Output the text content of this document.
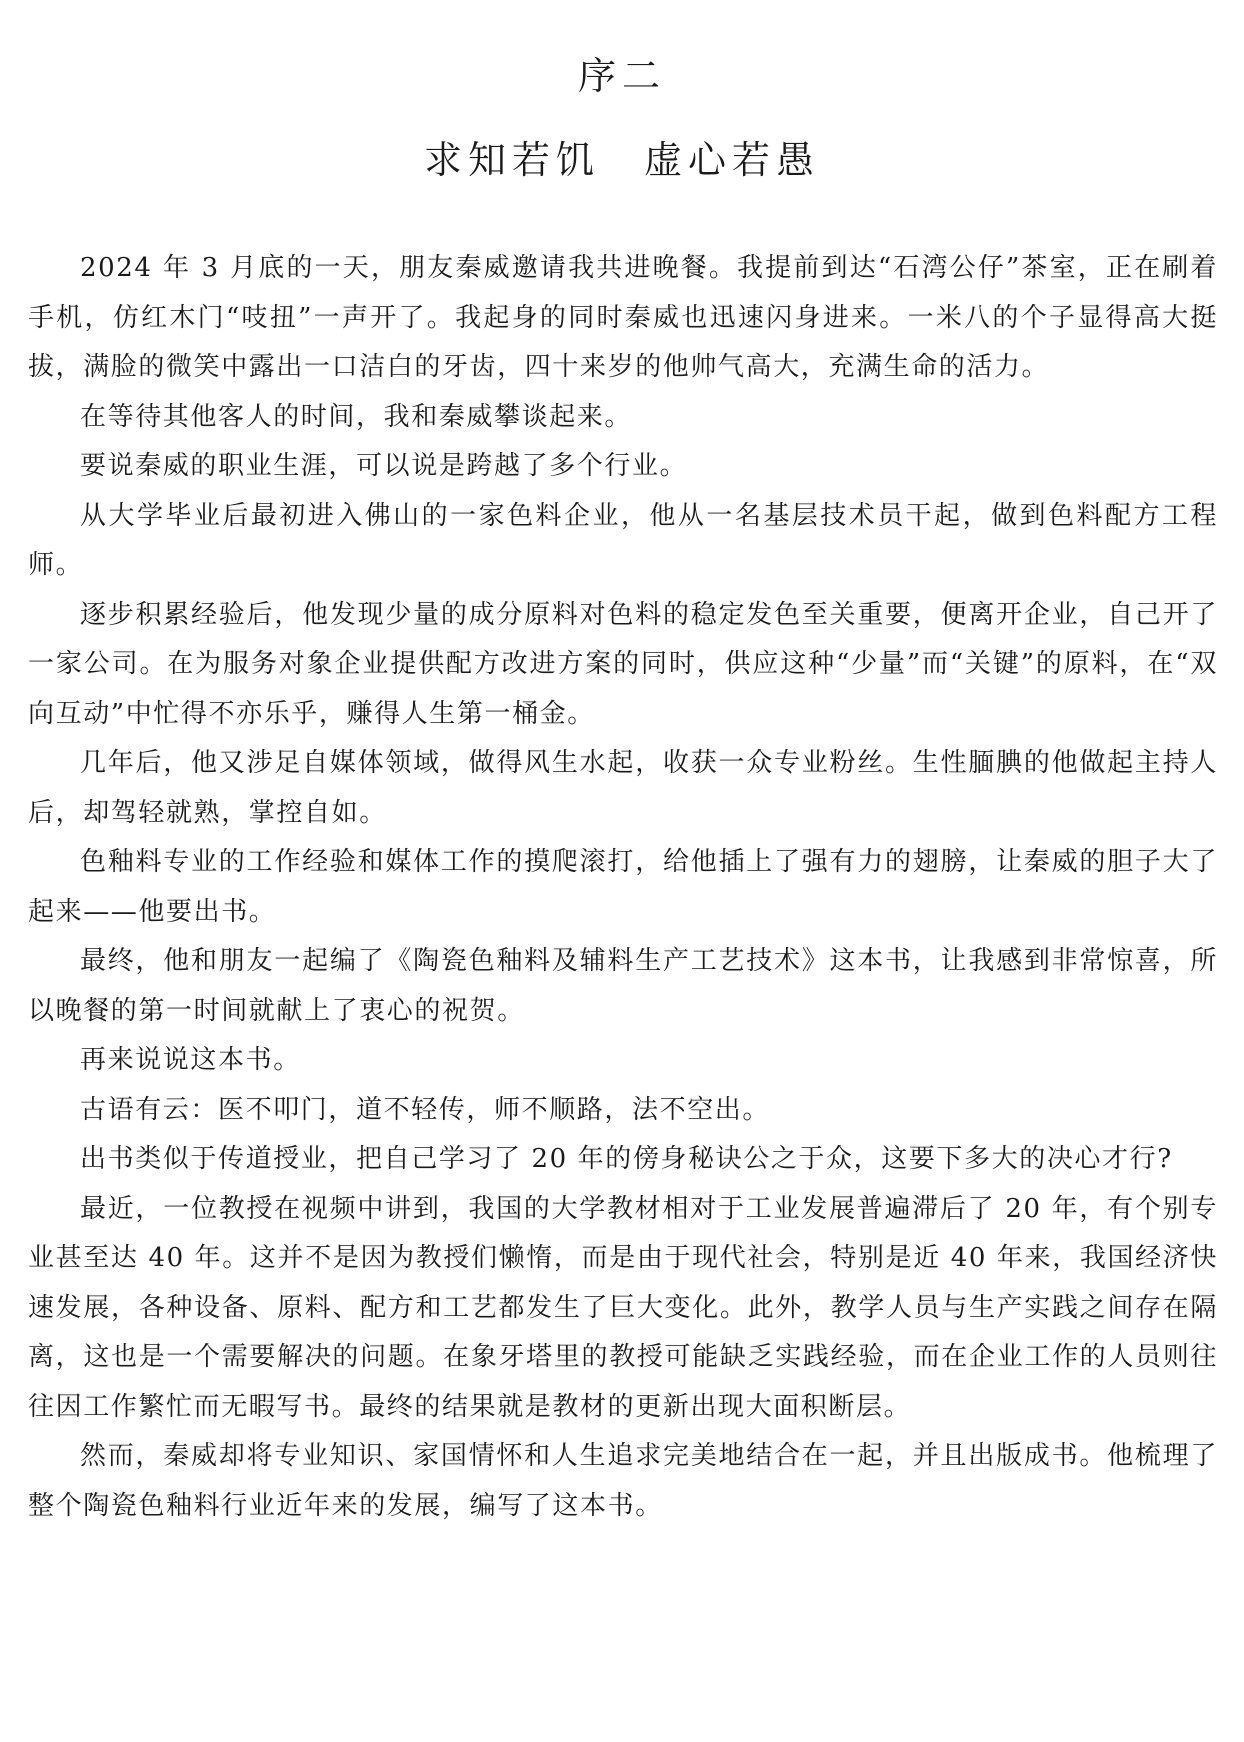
序二
求知若饥　虚心若愚

2024 年 3 月底的一天，朋友秦威邀请我共进晚餐。我提前到达“石湾公仔”茶室，正在刷着手机，仿红木门“吱扭”一声开了。我起身的同时秦威也迅速闪身进来。一米八的个子显得高大挺拔，满脸的微笑中露出一口洁白的牙齿，四十来岁的他帅气高大，充满生命的活力。

在等待其他客人的时间，我和秦威攀谈起来。

要说秦威的职业生涯，可以说是跨越了多个行业。

从大学毕业后最初进入佛山的一家色料企业，他从一名基层技术员干起，做到色料配方工程师。

逐步积累经验后，他发现少量的成分原料对色料的稳定发色至关重要，便离开企业，自己开了一家公司。在为服务对象企业提供配方改进方案的同时，供应这种“少量”而“关键”的原料，在“双向互动”中忙得不亦乐乎，赚得人生第一桶金。

几年后，他又涉足自媒体领域，做得风生水起，收获一众专业粉丝。生性腼腆的他做起主持人后，却驾轻就熟，掌控自如。

色釉料专业的工作经验和媒体工作的摸爬滚打，给他插上了强有力的翅膀，让秦威的胆子大了起来——他要出书。

最终，他和朋友一起编了《陶瓷色釉料及辅料生产工艺技术》这本书，让我感到非常惊喜，所以晚餐的第一时间就献上了衷心的祝贺。

再来说说这本书。

古语有云：医不叩门，道不轻传，师不顺路，法不空出。

出书类似于传道授业，把自己学习了 20 年的傍身秘诀公之于众，这要下多大的决心才行?

最近，一位教授在视频中讲到，我国的大学教材相对于工业发展普遍滞后了 20 年，有个别专业甚至达 40 年。这并不是因为教授们懒惰，而是由于现代社会，特别是近 40 年来，我国经济快速发展，各种设备、原料、配方和工艺都发生了巨大变化。此外，教学人员与生产实践之间存在隔离，这也是一个需要解决的问题。在象牙塔里的教授可能缺乏实践经验，而在企业工作的人员则往往因工作繁忙而无暇写书。最终的结果就是教材的更新出现大面积断层。

然而，秦威却将专业知识、家国情怀和人生追求完美地结合在一起，并且出版成书。他梳理了整个陶瓷色釉料行业近年来的发展，编写了这本书。
